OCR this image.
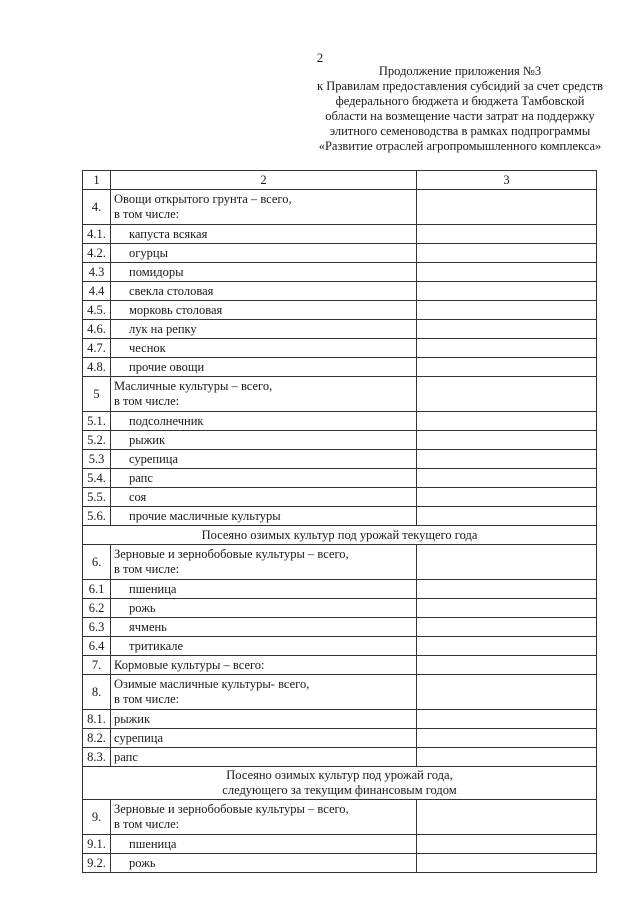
2
Продолжение приложения №3
к Правилам предоставления субсидий за счет средств
федерального бюджета и бюджета Тамбовской
области на возмещение части затрат на поддержку
элитного семеноводства в рамках подпрограммы
«Развитие отраслей агропромышленного комплекса»
1	2	3
4.	Овощи открытого грунта – всего,
в том числе:	

4.1.	капуста всякая	
4.2.	огурцы	
4.3	помидоры	
4.4	свекла столовая	
4.5.	морковь столовая	
4.6.	лук на репку	
4.7.	чеснок	
4.8.	прочие овощи	
5	Масличные культуры – всего,
в том числе:	

5.1.	подсолнечник	
5.2.	рыжик	
5.3	сурепица	
5.4.	рапс	
5.5.	соя	
5.6.	прочие масличные культуры	
Посеяно озимых культур под урожай текущего года		
6.	Зерновые и зернобобовые культуры – всего,
в том числе:	

6.1	пшеница	
6.2	рожь	
6.3	ячмень	
6.4	тритикале	
7.	Кормовые культуры – всего:	
8.	Озимые масличные культуры- всего,
в том числе:	

8.1.	рыжик	
8.2.	сурепица	
8.3.	рапс	

Посеяно озимых культур под урожай года,
следующего за текущим финансовым годом		

9.	Зерновые и зернобобовые культуры – всего,
в том числе:	

9.1.	пшеница	
9.2.	рожь	
